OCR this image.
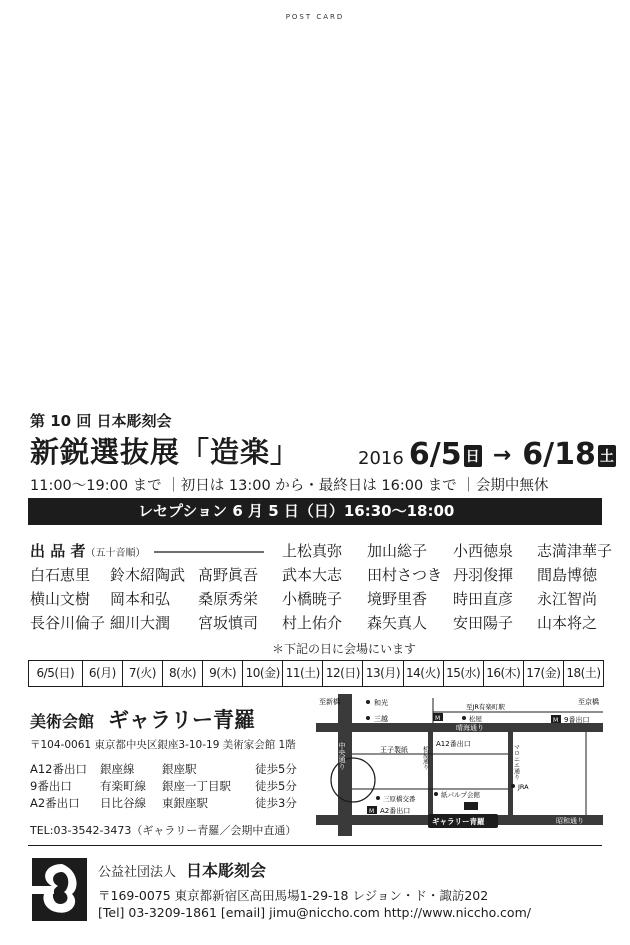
POST CARD
第 10 回 日本彫刻会
新鋭選抜展「造楽」	2016 6/5 日 → 6/18 土
11:00〜19:00 まで ｜初日は 13:00 から・最終日は 16:00 まで ｜会期中無休
レセプション 6 月 5 日（日）16:30〜18:00
出 品 者（五十音順）	上松真弥 加山総子 小西徳泉 志満津華子
白石恵里 鈴木紹陶武 髙野眞吾 武本大志 田村さつき 丹羽俊揮 間島博徳
横山文樹 岡本和弘 桑原秀栄 小橋暁子 境野里香 時田直彦 永江智尚
長谷川倫子 細川大潤 宮坂慎司 村上佑介 森矢真人 安田陽子 山本将之
＊下記の日に会場にいます
6/5(日)	6(月)	7(火)	8(水)	9(木) 10(金) 11(土) 12(日) 13(月) 14(火) 15(水) 16(木) 17(金) 18(土)
美術会館 ギャラリー青羅
〒104-0061 東京都中央区銀座3-10-19 美術家会館 1階
A12番出口 銀座線 銀座駅	徒歩5分
9番出口 有楽町線 銀座一丁目駅 徒歩5分
A2番出口 日比谷線 東銀座駅	徒歩3分
TEL:03-3542-3473（ギャラリー青羅／会期中直通）
至新橋	至京橋
至JR有楽町駅
晴海通り
昭和通り
中央通り	松屋通り	マロニエ通り
和光
三越	M	松屋
A12番出口
M 9番出口
王子製紙
三原橋交番	紙パルプ会館
JRA
M A2番出口
ギャラリー青羅
公益社団法人 日本彫刻会
〒169-0075 東京都新宿区高田馬場1-29-18 レジョン・ド・諏訪202
[Tel] 03-3209-1861 [email] jimu@niccho.com http://www.niccho.com/
